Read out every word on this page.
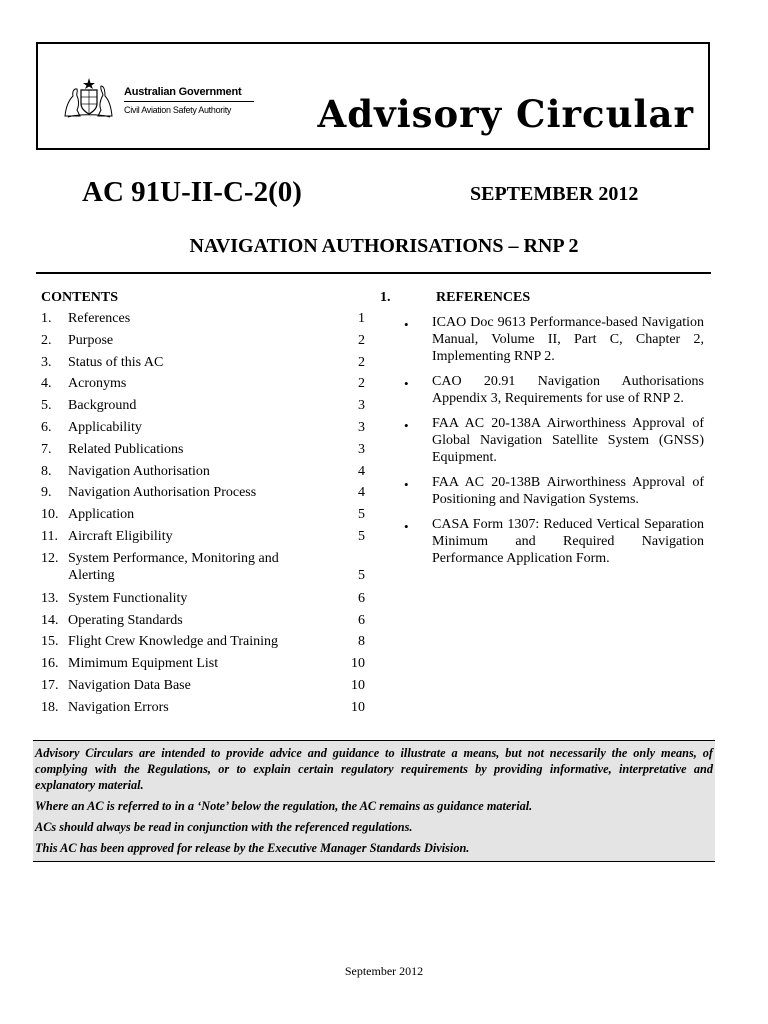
Australian Government
Civil Aviation Safety Authority Advisory Circular
AC 91U-II-C-2(0)	SEPTEMBER 2012
NAVIGATION AUTHORISATIONS – RNP 2
CONTENTS
1. References	1
2. Purpose	2
3. Status of this AC	2
4. Acronyms	2
5. Background	3
6. Applicability	3
7. Related Publications	3
8. Navigation Authorisation	4
9. Navigation Authorisation Process	4
10. Application	5
11. Aircraft Eligibility	5
12. System Performance, Monitoring and Alerting	5
13. System Functionality	6
14. Operating Standards	6
15. Flight Crew Knowledge and Training	8
16. Mimimum Equipment List	10
17. Navigation Data Base	10
18. Navigation Errors	10
1.	REFERENCES
• ICAO Doc 9613 Performance-based Navigation Manual, Volume II, Part C, Chapter 2, Implementing RNP 2.
• CAO 20.91 Navigation Authorisations Appendix 3, Requirements for use of RNP 2.
• FAA AC 20-138A Airworthiness Approval of Global Navigation Satellite System (GNSS) Equipment.
• FAA AC 20-138B Airworthiness Approval of Positioning and Navigation Systems.
• CASA Form 1307: Reduced Vertical Separation Minimum and Required Navigation Performance Application Form.

Advisory Circulars are intended to provide advice and guidance to illustrate a means, but not necessarily the only means, of complying with the Regulations, or to explain certain regulatory requirements by providing informative, interpretative and explanatory material.

Where an AC is referred to in a ‘Note’ below the regulation, the AC remains as guidance material.

ACs should always be read in conjunction with the referenced regulations.

This AC has been approved for release by the Executive Manager Standards Division.

September 2012
